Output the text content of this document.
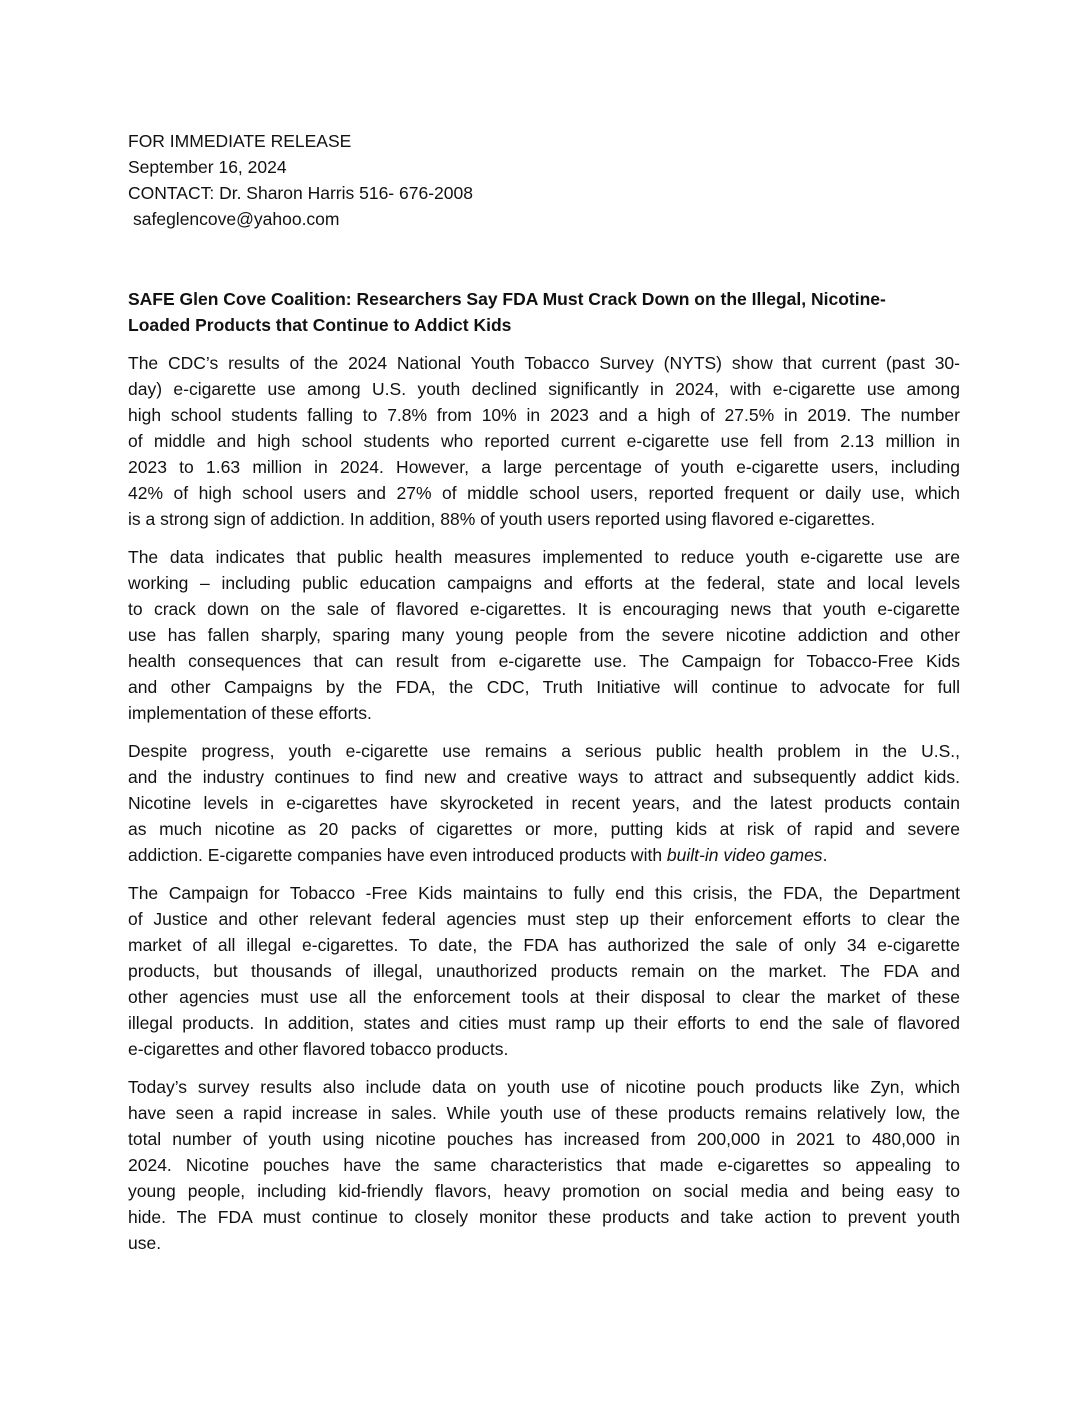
FOR IMMEDIATE RELEASE
September 16, 2024
CONTACT: Dr. Sharon Harris 516- 676-2008
safeglencove@yahoo.com
SAFE Glen Cove Coalition: Researchers Say FDA Must Crack Down on the Illegal, Nicotine-
Loaded Products that Continue to Addict Kids
The CDC’s results of the 2024 National Youth Tobacco Survey (NYTS) show that current (past 30-
day) e-cigarette use among U.S. youth declined significantly in 2024, with e-cigarette use among
high school students falling to 7.8% from 10% in 2023 and a high of 27.5% in 2019. The number
of middle and high school students who reported current e-cigarette use fell from 2.13 million in
2023 to 1.63 million in 2024. However, a large percentage of youth e-cigarette users, including
42% of high school users and 27% of middle school users, reported frequent or daily use, which
is a strong sign of addiction. In addition, 88% of youth users reported using flavored e-cigarettes.
The data indicates that public health measures implemented to reduce youth e-cigarette use are
working – including public education campaigns and efforts at the federal, state and local levels
to crack down on the sale of flavored e-cigarettes. It is encouraging news that youth e-cigarette
use has fallen sharply, sparing many young people from the severe nicotine addiction and other
health consequences that can result from e-cigarette use. The Campaign for Tobacco-Free Kids
and other Campaigns by the FDA, the CDC, Truth Initiative will continue to advocate for full
implementation of these efforts.
Despite progress, youth e-cigarette use remains a serious public health problem in the U.S.,
and the industry continues to find new and creative ways to attract and subsequently addict kids.
Nicotine levels in e-cigarettes have skyrocketed in recent years, and the latest products contain
as much nicotine as 20 packs of cigarettes or more, putting kids at risk of rapid and severe
addiction. E-cigarette companies have even introduced products with built-in video games.
The Campaign for Tobacco -Free Kids maintains to fully end this crisis, the FDA, the Department
of Justice and other relevant federal agencies must step up their enforcement efforts to clear the
market of all illegal e-cigarettes. To date, the FDA has authorized the sale of only 34 e-cigarette
products, but thousands of illegal, unauthorized products remain on the market. The FDA and
other agencies must use all the enforcement tools at their disposal to clear the market of these
illegal products. In addition, states and cities must ramp up their efforts to end the sale of flavored
e-cigarettes and other flavored tobacco products.
Today’s survey results also include data on youth use of nicotine pouch products like Zyn, which
have seen a rapid increase in sales. While youth use of these products remains relatively low, the
total number of youth using nicotine pouches has increased from 200,000 in 2021 to 480,000 in
2024. Nicotine pouches have the same characteristics that made e-cigarettes so appealing to
young people, including kid-friendly flavors, heavy promotion on social media and being easy to
hide. The FDA must continue to closely monitor these products and take action to prevent youth
use.
